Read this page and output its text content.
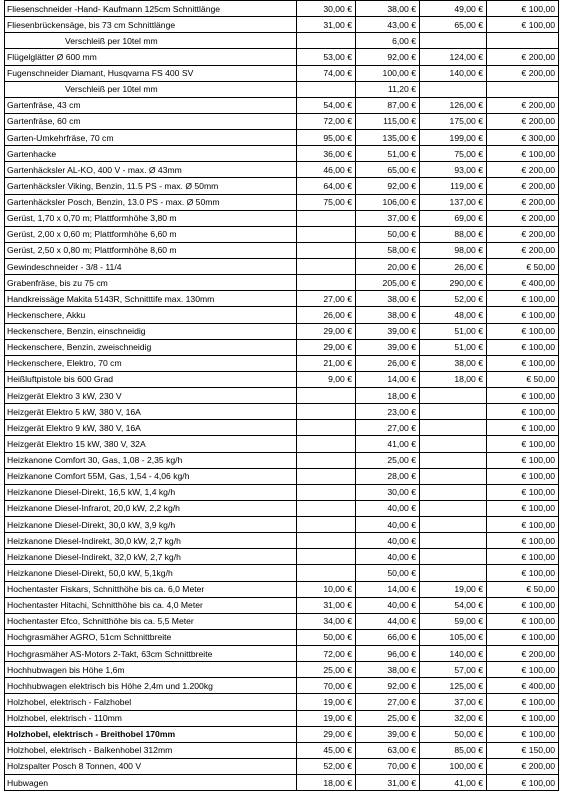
Fliesenschneider -Hand- Kaufmann 125cm Schnittlänge	30,00 €	38,00 €	49,00 €	€ 100,00
Fliesenbrückensäge, bis 73 cm Schnittlänge	31,00 €	43,00 €	65,00 €	€ 100,00
Verschleiß per 10tel mm		6,00 €		
Flügelglätter Ø 600 mm	53,00 €	92,00 €	124,00 €	€ 200,00
Fugenschneider Diamant, Husqvarna FS 400 SV	74,00 €	100,00 €	140,00 €	€ 200,00
Verschleiß per 10tel mm		11,20 €		
Gartenfräse, 43 cm	54,00 €	87,00 €	126,00 €	€ 200,00
Gartenfräse, 60 cm	72,00 €	115,00 €	175,00 €	€ 200,00
Garten-Umkehrfräse, 70 cm	95,00 €	135,00 €	199,00 €	€ 300,00
Gartenhacke	36,00 €	51,00 €	75,00 €	€ 100,00
Gartenhäcksler AL-KO, 400 V - max. Ø 43mm	46,00 €	65,00 €	93,00 €	€ 200,00
Gartenhäcksler Viking, Benzin, 11.5 PS - max. Ø 50mm	64,00 €	92,00 €	119,00 €	€ 200,00
Gartenhäcksler Posch, Benzin, 13.0 PS - max. Ø 50mm	75,00 €	106,00 €	137,00 €	€ 200,00
Gerüst, 1,70 x 0,70 m; Plattformhöhe 3,80 m		37,00 €	69,00 €	€ 200,00
Gerüst, 2,00 x 0,60 m; Plattformhöhe 6,60 m		50,00 €	88,00 €	€ 200,00
Gerüst, 2,50 x 0,80 m; Plattformhöhe 8,60 m		58,00 €	98,00 €	€ 200,00
Gewindeschneider - 3/8 - 11/4		20,00 €	26,00 €	€ 50,00
Grabenfräse, bis zu 75 cm		205,00 €	290,00 €	€ 400,00
Handkreissäge Makita 5143R, Schnitttife max. 130mm	27,00 €	38,00 €	52,00 €	€ 100,00
Heckenschere, Akku	26,00 €	38,00 €	48,00 €	€ 100,00
Heckenschere, Benzin, einschneidig	29,00 €	39,00 €	51,00 €	€ 100,00
Heckenschere, Benzin, zweischneidig	29,00 €	39,00 €	51,00 €	€ 100,00
Heckenschere, Elektro, 70 cm	21,00 €	26,00 €	38,00 €	€ 100,00
Heißluftpistole bis 600 Grad	9,00 €	14,00 €	18,00 €	€ 50,00
Heizgerät Elektro 3 kW, 230 V		18,00 €		€ 100,00
Heizgerät Elektro 5 kW, 380 V, 16A		23,00 €		€ 100,00
Heizgerät Elektro 9 kW, 380 V, 16A		27,00 €		€ 100,00
Heizgerät Elektro 15 kW, 380 V, 32A		41,00 €		€ 100,00
Heizkanone Comfort 30, Gas, 1,08 - 2,35 kg/h		25,00 €		€ 100,00
Heizkanone Comfort 55M, Gas, 1,54 - 4,06 kg/h		28,00 €		€ 100,00
Heizkanone Diesel-Direkt, 16,5 kW, 1,4 kg/h		30,00 €		€ 100,00
Heizkanone Diesel-Infrarot, 20,0 kW, 2,2 kg/h		40,00 €		€ 100,00
Heizkanone Diesel-Direkt, 30,0 kW, 3,9 kg/h		40,00 €		€ 100,00
Heizkanone Diesel-Indirekt, 30,0 kW, 2,7 kg/h		40,00 €		€ 100,00
Heizkanone Diesel-Indirekt, 32,0 kW, 2,7 kg/h		40,00 €		€ 100,00
Heizkanone Diesel-Direkt, 50,0 kW, 5,1kg/h		50,00 €		€ 100,00
Hochentaster Fiskars, Schnitthöhe bis ca. 6,0 Meter	10,00 €	14,00 €	19,00 €	€ 50,00
Hochentaster Hitachi, Schnitthöhe bis ca. 4,0 Meter	31,00 €	40,00 €	54,00 €	€ 100,00
Hochentaster Efco, Schnitthöhe bis ca. 5,5 Meter	34,00 €	44,00 €	59,00 €	€ 100,00
Hochgrasmäher AGRO, 51cm Schnittbreite	50,00 €	66,00 €	105,00 €	€ 100,00
Hochgrasmäher AS-Motors 2-Takt, 63cm Schnittbreite	72,00 €	96,00 €	140,00 €	€ 200,00
Hochhubwagen bis Höhe 1,6m	25,00 €	38,00 €	57,00 €	€ 100,00
Hochhubwagen elektrisch bis Höhe 2,4m und 1.200kg	70,00 €	92,00 €	125,00 €	€ 400,00
Holzhobel, elektrisch - Falzhobel	19,00 €	27,00 €	37,00 €	€ 100,00
Holzhobel, elektrisch - 110mm	19,00 €	25,00 €	32,00 €	€ 100,00
Holzhobel, elektrisch - Breithobel 170mm	29,00 €	39,00 €	50,00 €	€ 100,00
Holzhobel, elektrisch - Balkenhobel 312mm	45,00 €	63,00 €	85,00 €	€ 150,00
Holzspalter Posch 8 Tonnen, 400 V	52,00 €	70,00 €	100,00 €	€ 200,00
Hubwagen	18,00 €	31,00 €	41,00 €	€ 100,00
